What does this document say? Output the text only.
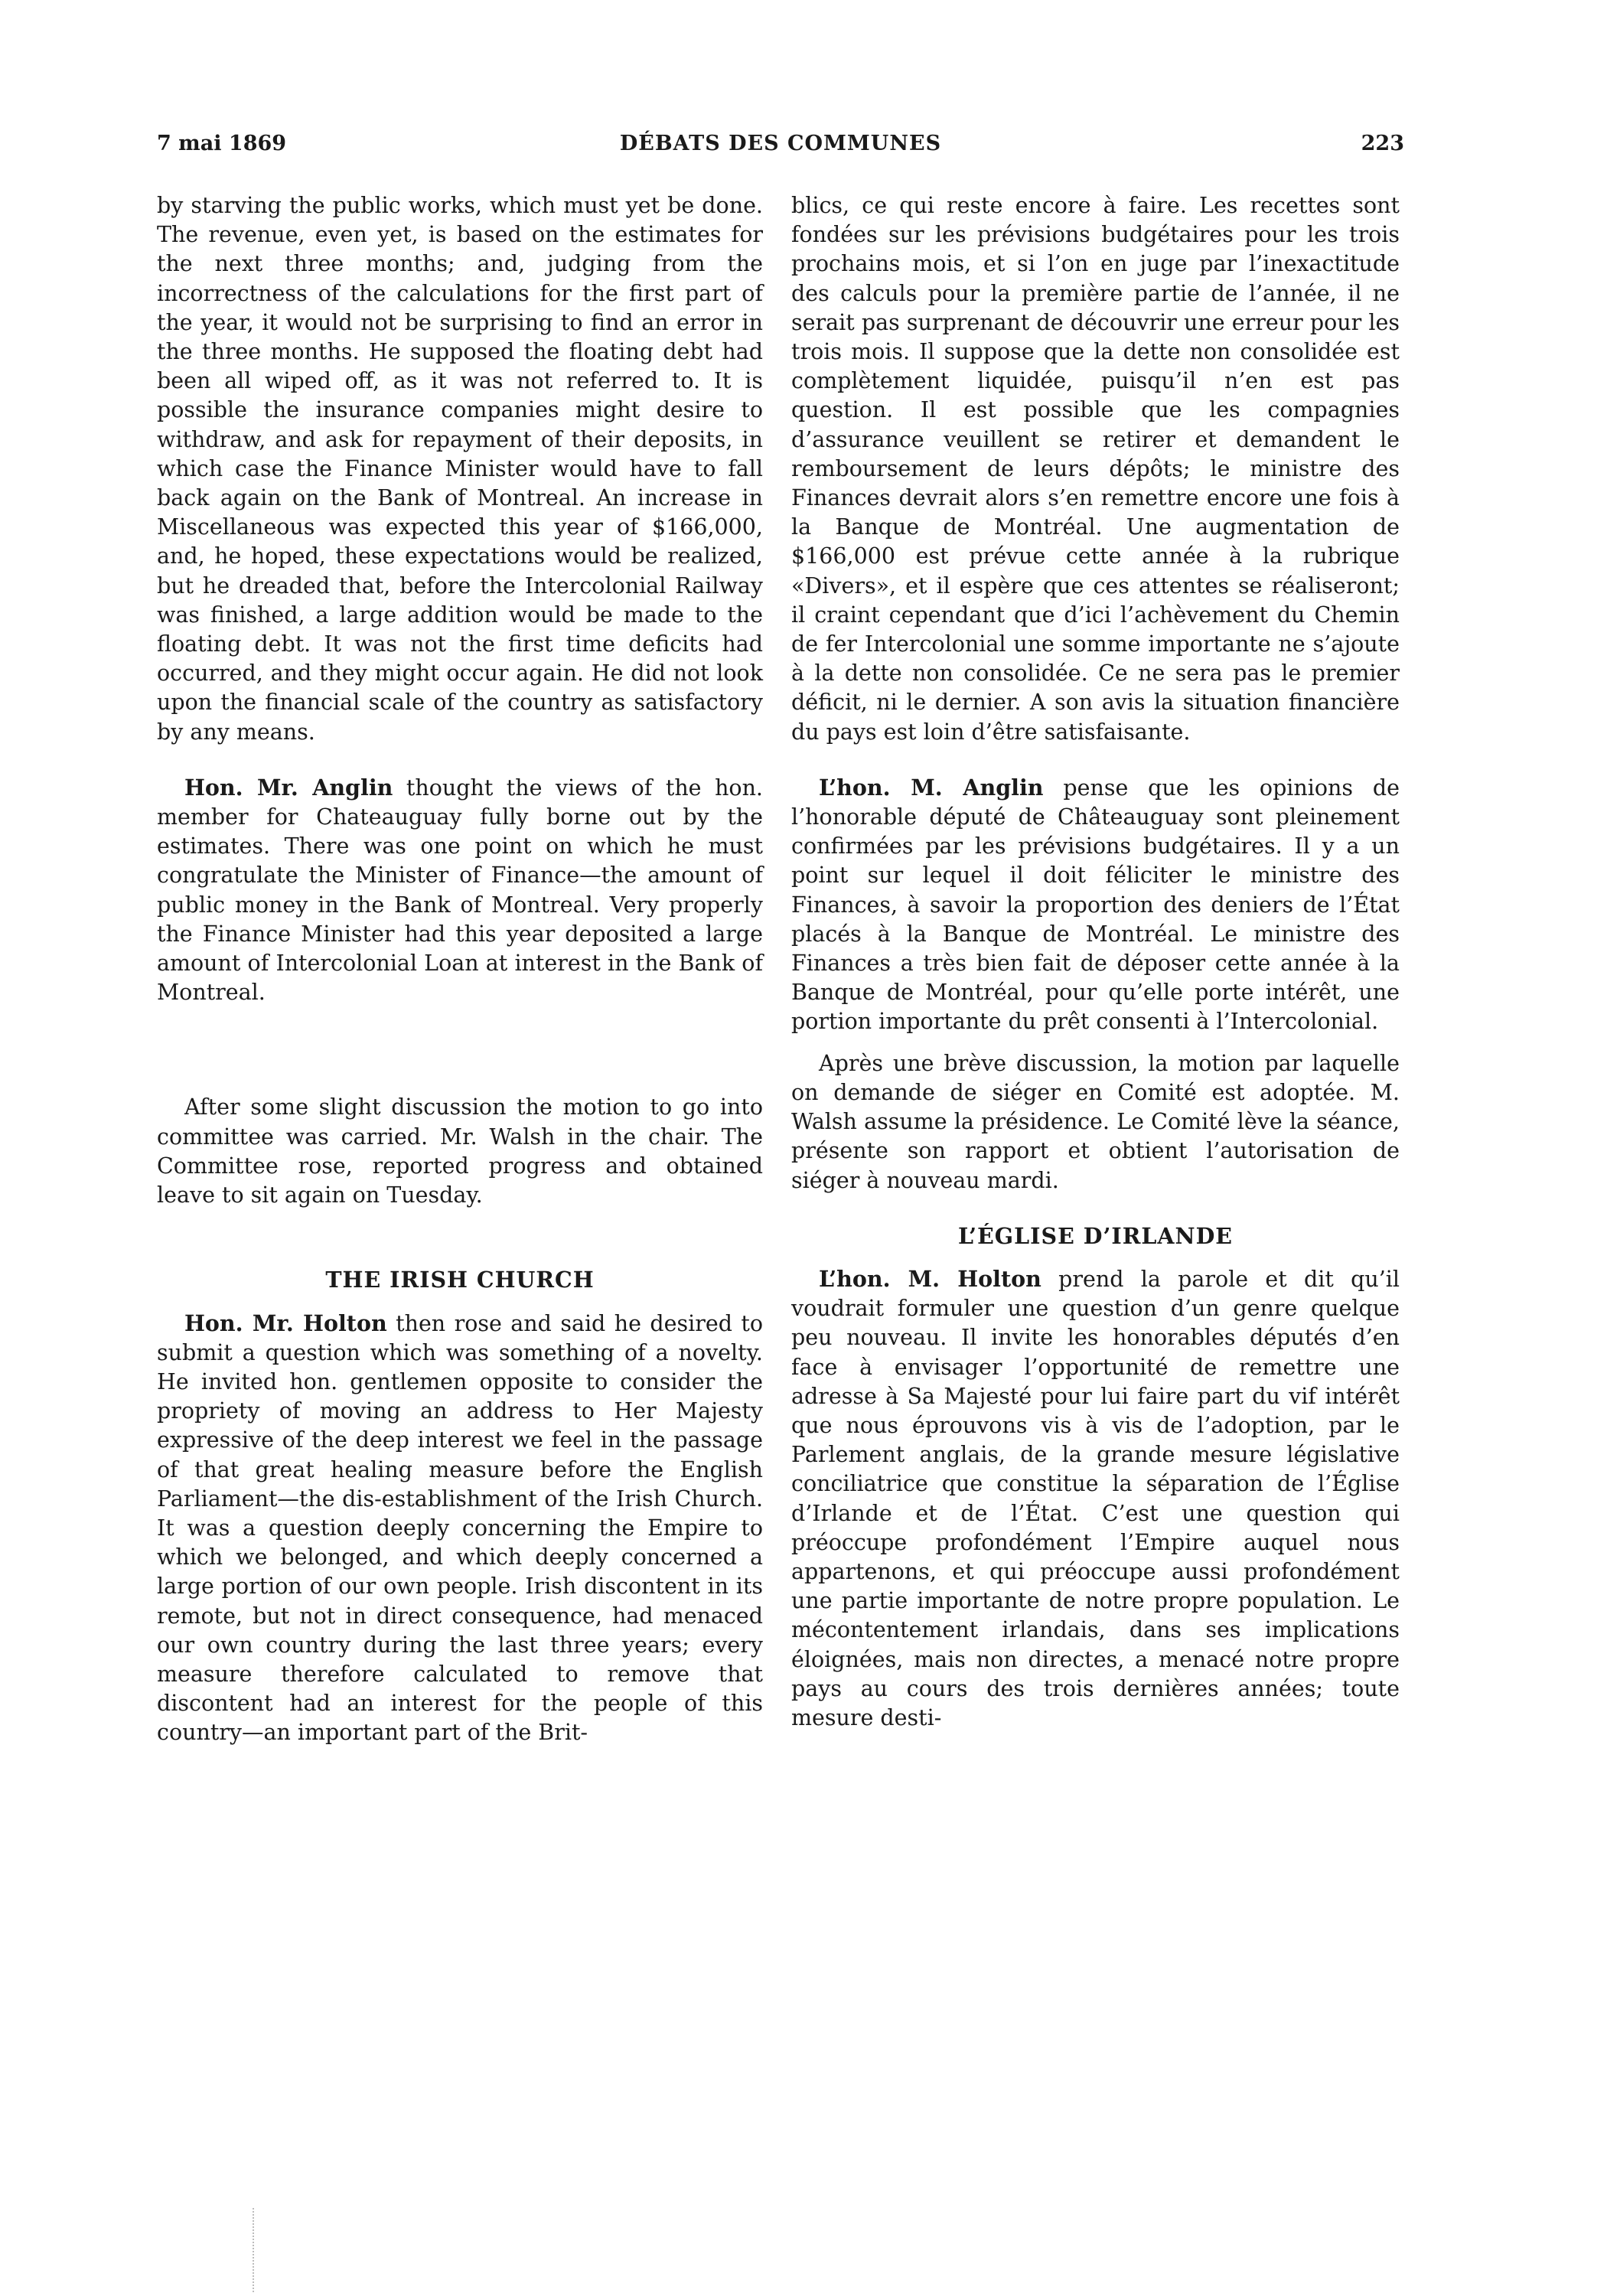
7 mai 1869	DÉBATS DES COMMUNES	223

by starving the public works, which must yet be done. The revenue, even yet, is based on the estimates for the next three months; and, judging from the incorrectness of the calculations for the first part of the year, it would not be surprising to find an error in the three months. He supposed the floating debt had been all wiped off, as it was not referred to. It is possible the insurance companies might desire to withdraw, and ask for repayment of their deposits, in which case the Finance Minister would have to fall back again on the Bank of Montreal. An increase in Miscellaneous was expected this year of $166,000, and, he hoped, these expectations would be realized, but he dreaded that, before the Intercolonial Railway was finished, a large addition would be made to the floating debt. It was not the first time deficits had occurred, and they might occur again. He did not look upon the financial scale of the country as satisfactory by any means.

Hon. Mr. Anglin thought the views of the hon. member for Chateauguay fully borne out by the estimates. There was one point on which he must congratulate the Minister of Finance—the amount of public money in the Bank of Montreal. Very properly the Finance Minister had this year deposited a large amount of Intercolonial Loan at interest in the Bank of Montreal.

After some slight discussion the motion to go into committee was carried. Mr. Walsh in the chair. The Committee rose, reported progress and obtained leave to sit again on Tuesday.

THE IRISH CHURCH

Hon. Mr. Holton then rose and said he desired to submit a question which was something of a novelty. He invited hon. gentlemen opposite to consider the propriety of moving an address to Her Majesty expressive of the deep interest we feel in the passage of that great healing measure before the English Parliament—the dis-establishment of the Irish Church. It was a question deeply concerning the Empire to which we belonged, and which deeply concerned a large portion of our own people. Irish discontent in its remote, but not in direct consequence, had menaced our own country during the last three years; every measure therefore calculated to remove that discontent had an interest for the people of this country—an important part of the Brit-

blics, ce qui reste encore à faire. Les recettes sont fondées sur les prévisions budgétaires pour les trois prochains mois, et si l’on en juge par l’inexactitude des calculs pour la première partie de l’année, il ne serait pas surprenant de découvrir une erreur pour les trois mois. Il suppose que la dette non consolidée est complètement liquidée, puisqu’il n’en est pas question. Il est possible que les compagnies d’assurance veuillent se retirer et demandent le remboursement de leurs dépôts; le ministre des Finances devrait alors s’en remettre encore une fois à la Banque de Montréal. Une augmentation de $166,000 est prévue cette année à la rubrique «Divers», et il espère que ces attentes se réaliseront; il craint cependant que d’ici l’achèvement du Chemin de fer Intercolonial une somme importante ne s’ajoute à la dette non consolidée. Ce ne sera pas le premier déficit, ni le dernier. A son avis la situation financière du pays est loin d’être satisfaisante.

L’hon. M. Anglin pense que les opinions de l’honorable député de Châteauguay sont pleinement confirmées par les prévisions budgétaires. Il y a un point sur lequel il doit féliciter le ministre des Finances, à savoir la proportion des deniers de l’État placés à la Banque de Montréal. Le ministre des Finances a très bien fait de déposer cette année à la Banque de Montréal, pour qu’elle porte intérêt, une portion importante du prêt consenti à l’Intercolonial.

Après une brève discussion, la motion par laquelle on demande de siéger en Comité est adoptée. M. Walsh assume la présidence. Le Comité lève la séance, présente son rapport et obtient l’autorisation de siéger à nouveau mardi.

L’ÉGLISE D’IRLANDE

L’hon. M. Holton prend la parole et dit qu’il voudrait formuler une question d’un genre quelque peu nouveau. Il invite les honorables députés d’en face à envisager l’opportunité de remettre une adresse à Sa Majesté pour lui faire part du vif intérêt que nous éprouvons vis à vis de l’adoption, par le Parlement anglais, de la grande mesure législative conciliatrice que constitue la séparation de l’Église d’Irlande et de l’État. C’est une question qui préoccupe profondément l’Empire auquel nous appartenons, et qui préoccupe aussi profondément une partie importante de notre propre population. Le mécontentement irlandais, dans ses implications éloignées, mais non directes, a menacé notre propre pays au cours des trois dernières années; toute mesure desti-
